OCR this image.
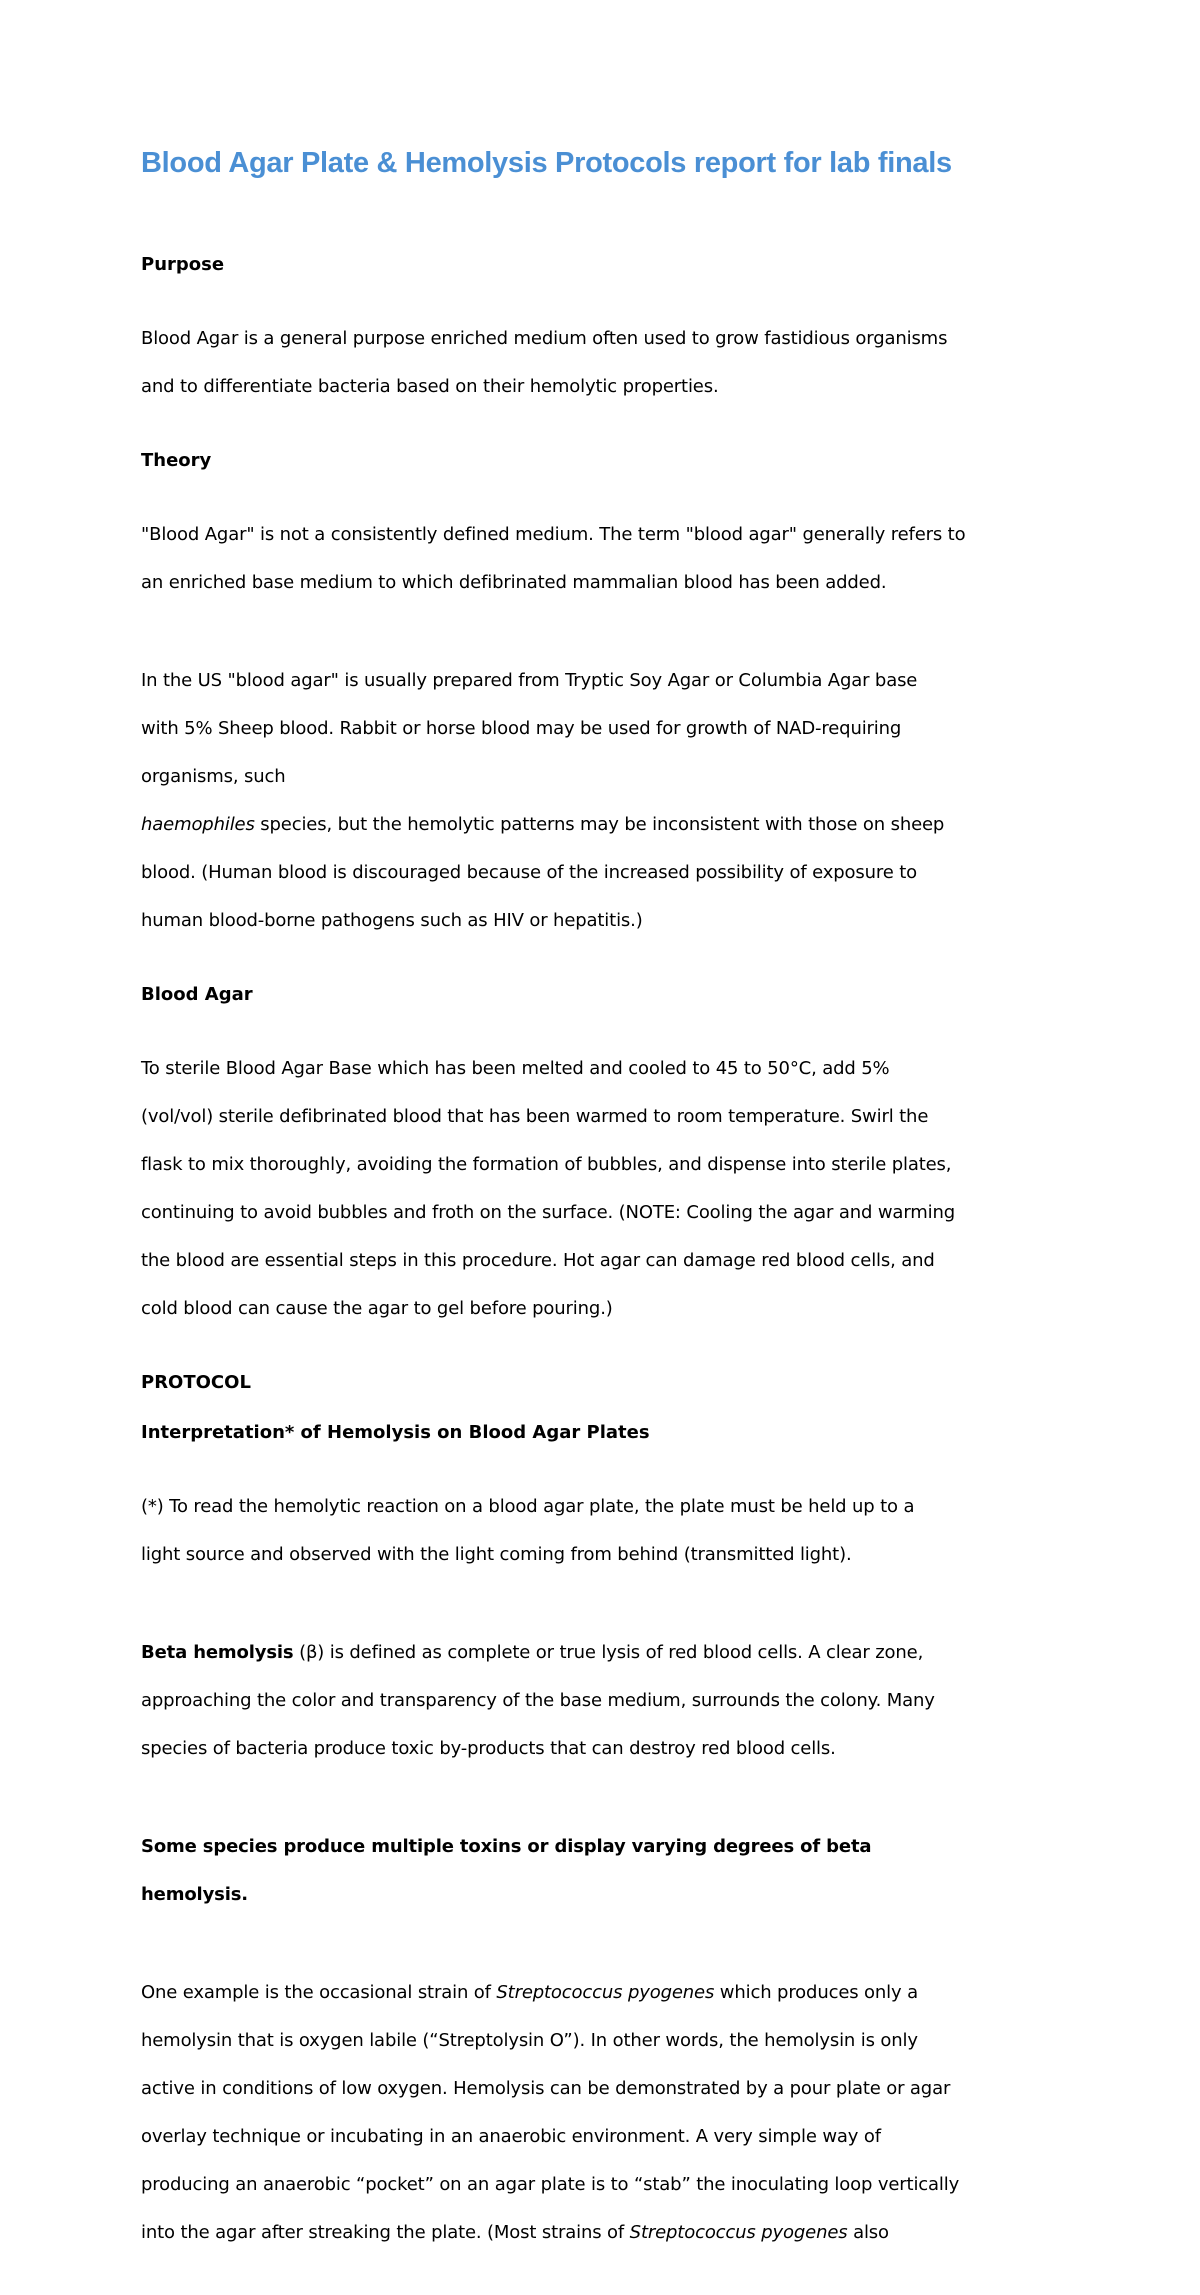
Blood Agar Plate & Hemolysis Protocols report for lab finals
Purpose

Blood Agar is a general purpose enriched medium often used to grow fastidious organisms

and to differentiate bacteria based on their hemolytic properties.

Theory

"Blood Agar" is not a consistently defined medium. The term "blood agar" generally refers to

an enriched base medium to which defibrinated mammalian blood has been added.

In the US "blood agar" is usually prepared from Tryptic Soy Agar or Columbia Agar base

with 5% Sheep blood. Rabbit or horse blood may be used for growth of NAD-requiring

organisms, such

haemophiles species, but the hemolytic patterns may be inconsistent with those on sheep

blood. (Human blood is discouraged because of the increased possibility of exposure to

human blood-borne pathogens such as HIV or hepatitis.)

Blood Agar

To sterile Blood Agar Base which has been melted and cooled to 45 to 50°C, add 5%

(vol/vol) sterile defibrinated blood that has been warmed to room temperature. Swirl the

flask to mix thoroughly, avoiding the formation of bubbles, and dispense into sterile plates,

continuing to avoid bubbles and froth on the surface. (NOTE: Cooling the agar and warming

the blood are essential steps in this procedure. Hot agar can damage red blood cells, and

cold blood can cause the agar to gel before pouring.)

PROTOCOL
Interpretation* of Hemolysis on Blood Agar Plates

(*) To read the hemolytic reaction on a blood agar plate, the plate must be held up to a

light source and observed with the light coming from behind (transmitted light).

Beta hemolysis (β) is defined as complete or true lysis of red blood cells. A clear zone,

approaching the color and transparency of the base medium, surrounds the colony. Many

species of bacteria produce toxic by-products that can destroy red blood cells.

Some species produce multiple toxins or display varying degrees of beta

hemolysis.

One example is the occasional strain of Streptococcus pyogenes which produces only a

hemolysin that is oxygen labile (“Streptolysin O”). In other words, the hemolysin is only

active in conditions of low oxygen. Hemolysis can be demonstrated by a pour plate or agar

overlay technique or incubating in an anaerobic environment. A very simple way of

producing an anaerobic “pocket” on an agar plate is to “stab” the inoculating loop vertically

into the agar after streaking the plate. (Most strains of Streptococcus pyogenes also
